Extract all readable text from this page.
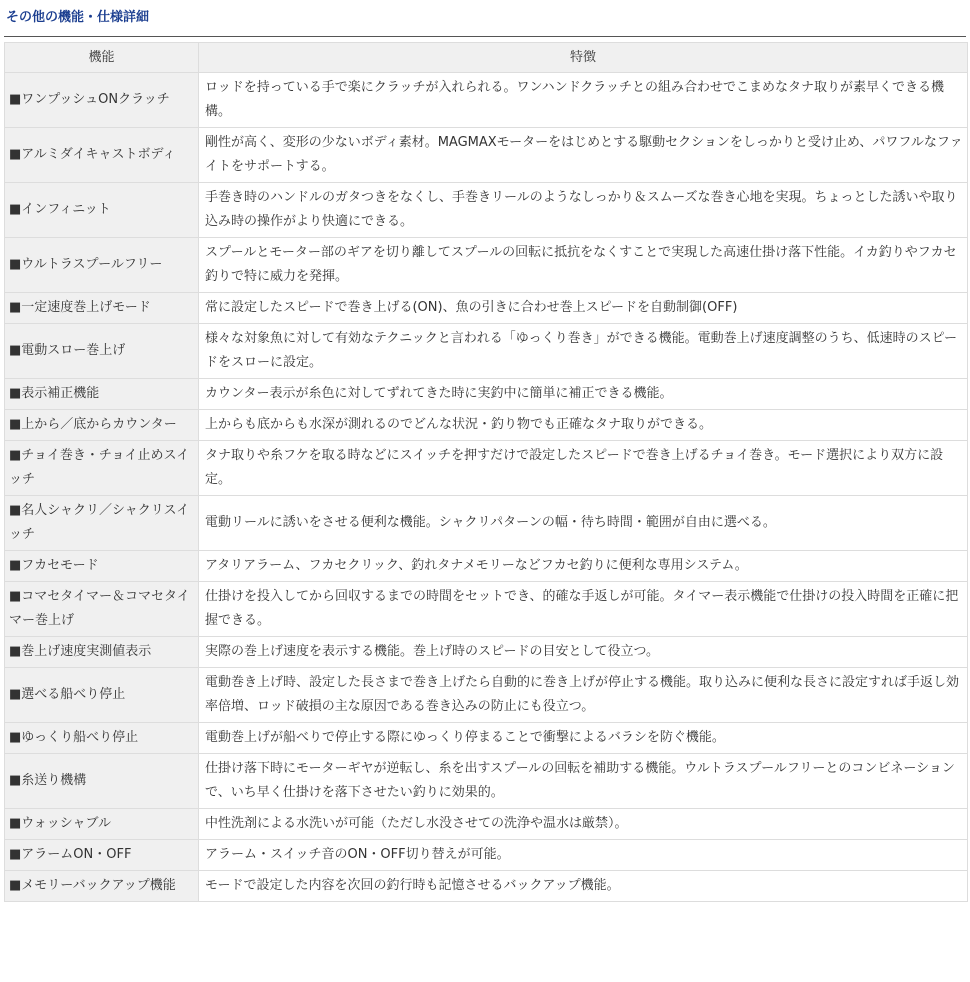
その他の機能・仕様詳細
機能	特徴
■ワンプッシュONクラッチ	ロッドを持っている手で楽にクラッチが入れられる。ワンハンドクラッチとの組み合わせでこまめなタナ取りが素早くできる機構。
■アルミダイキャストボディ	剛性が高く、変形の少ないボディ素材。MAGMAXモーターをはじめとする駆動セクションをしっかりと受け止め、パワフルなファイトをサポートする。
■インフィニット	手巻き時のハンドルのガタつきをなくし、手巻きリールのようなしっかり＆スムーズな巻き心地を実現。ちょっとした誘いや取り込み時の操作がより快適にできる。
■ウルトラスプールフリー	スプールとモーター部のギアを切り離してスプールの回転に抵抗をなくすことで実現した高速仕掛け落下性能。イカ釣りやフカセ釣りで特に威力を発揮。
■一定速度巻上げモード	常に設定したスピードで巻き上げる(ON)、魚の引きに合わせ巻上スピードを自動制御(OFF)
■電動スロー巻上げ	様々な対象魚に対して有効なテクニックと言われる「ゆっくり巻き」ができる機能。電動巻上げ速度調整のうち、低速時のスピードをスローに設定。
■表示補正機能	カウンター表示が糸色に対してずれてきた時に実釣中に簡単に補正できる機能。
■上から／底からカウンター	上からも底からも水深が測れるのでどんな状況・釣り物でも正確なタナ取りができる。
■チョイ巻き・チョイ止めスイッチ	タナ取りや糸フケを取る時などにスイッチを押すだけで設定したスピードで巻き上げるチョイ巻き。モード選択により双方に設定。
■名人シャクリ／シャクリスイッチ	電動リールに誘いをさせる便利な機能。シャクリパターンの幅・待ち時間・範囲が自由に選べる。
■フカセモード	アタリアラーム、フカセクリック、釣れタナメモリーなどフカセ釣りに便利な専用システム。
■コマセタイマー＆コマセタイマー巻上げ	仕掛けを投入してから回収するまでの時間をセットでき、的確な手返しが可能。タイマー表示機能で仕掛けの投入時間を正確に把握できる。
■巻上げ速度実測値表示	実際の巻上げ速度を表示する機能。巻上げ時のスピードの目安として役立つ。
■選べる船べり停止	電動巻き上げ時、設定した長さまで巻き上げたら自動的に巻き上げが停止する機能。取り込みに便利な長さに設定すれば手返し効率倍増、ロッド破損の主な原因である巻き込みの防止にも役立つ。
■ゆっくり船べり停止	電動巻上げが船べりで停止する際にゆっくり停まることで衝撃によるバラシを防ぐ機能。
■糸送り機構	仕掛け落下時にモーターギヤが逆転し、糸を出すスプールの回転を補助する機能。ウルトラスプールフリーとのコンビネーションで、いち早く仕掛けを落下させたい釣りに効果的。
■ウォッシャブル	中性洗剤による水洗いが可能（ただし水没させての洗浄や温水は厳禁）。
■アラームON・OFF	アラーム・スイッチ音のON・OFF切り替えが可能。
■メモリーバックアップ機能	モードで設定した内容を次回の釣行時も記憶させるバックアップ機能。
